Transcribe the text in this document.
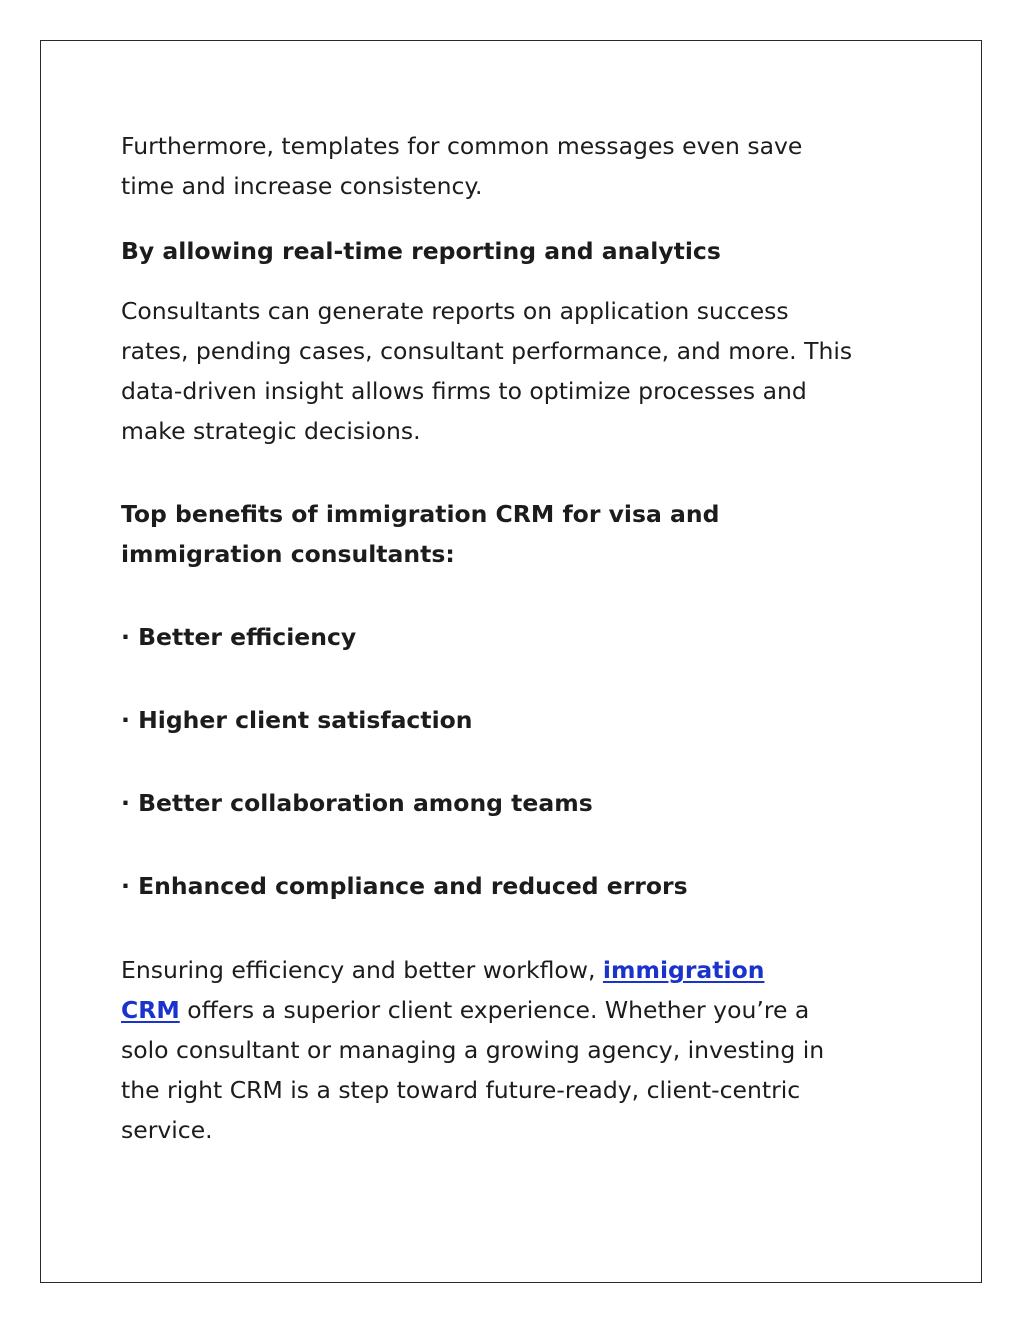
Furthermore, templates for common messages even save
time and increase consistency.

By allowing real-time reporting and analytics

Consultants can generate reports on application success
rates, pending cases, consultant performance, and more. This
data-driven insight allows firms to optimize processes and
make strategic decisions.

Top benefits of immigration CRM for visa and
immigration consultants:

· Better efficiency

· Higher client satisfaction

· Better collaboration among teams

· Enhanced compliance and reduced errors

Ensuring efficiency and better workflow, immigration
CRM offers a superior client experience. Whether you’re a
solo consultant or managing a growing agency, investing in
the right CRM is a step toward future-ready, client-centric
service.
